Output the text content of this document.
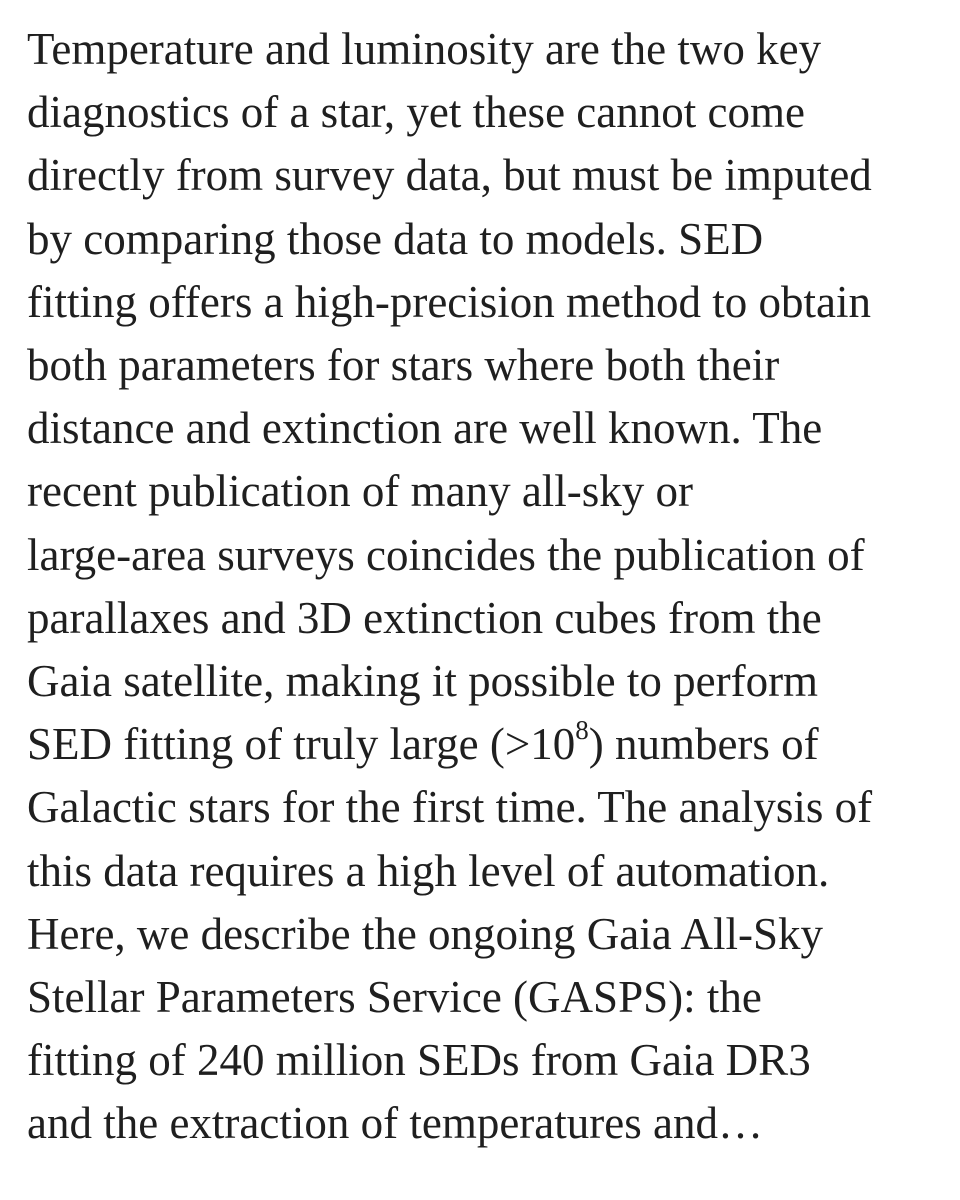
Temperature and luminosity are the two key
diagnostics of a star, yet these cannot come
directly from survey data, but must be imputed
by comparing those data to models. SED
fitting offers a high-precision method to obtain
both parameters for stars where both their
distance and extinction are well known. The
recent publication of many all-sky or
large-area surveys coincides the publication of
parallaxes and 3D extinction cubes from the
Gaia satellite, making it possible to perform
SED fitting of truly large $(>10^8)$ numbers of
Galactic stars for the first time. The analysis of
this data requires a high level of automation.
Here, we describe the ongoing Gaia All-Sky
Stellar Parameters Service (GASPS): the
fitting of 240 million SEDs from Gaia DR3
and the extraction of temperatures and…
